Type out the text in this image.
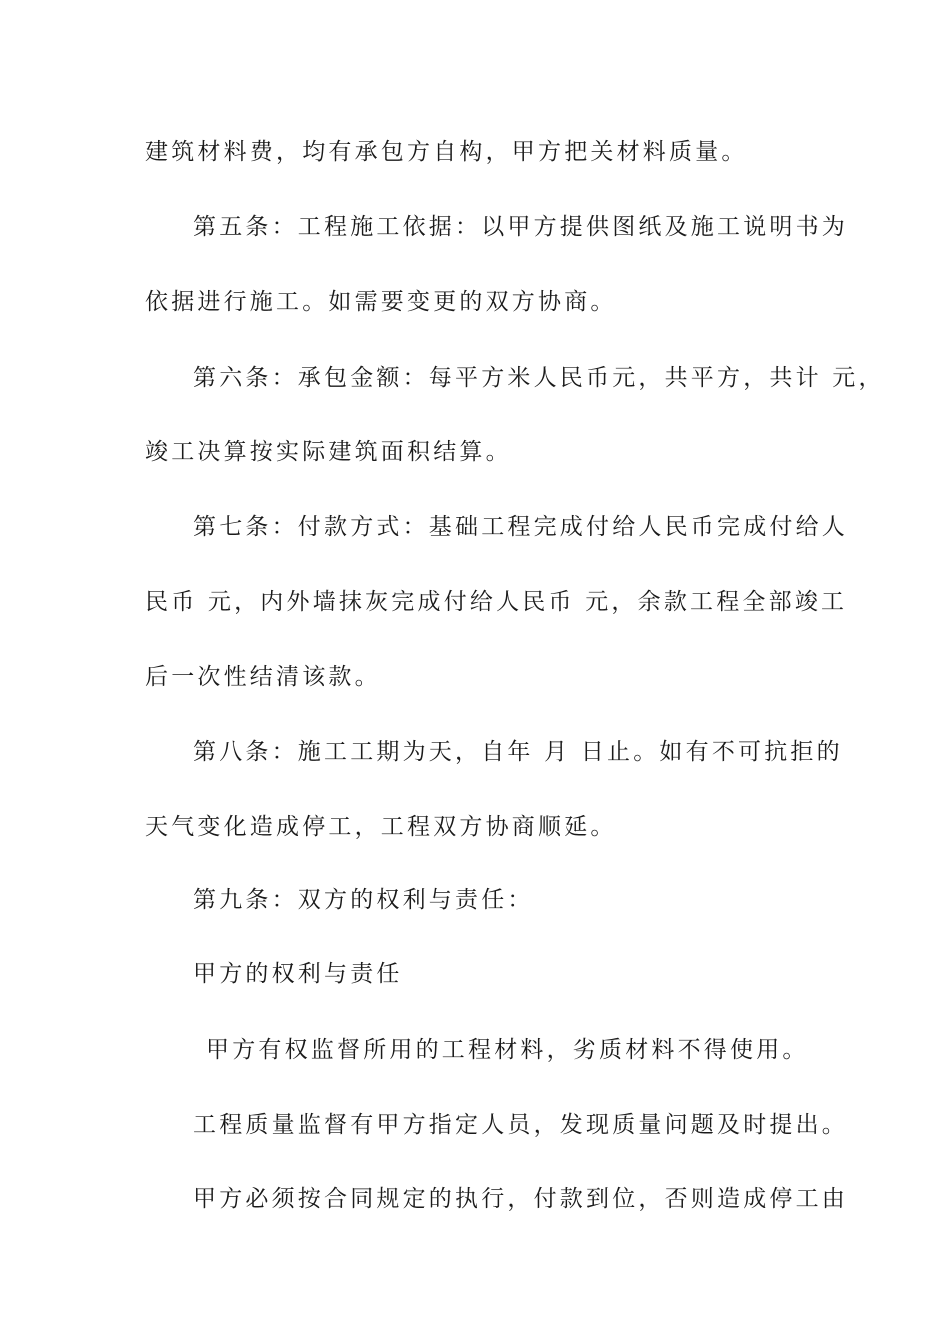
建筑材料费，均有承包方自构，甲方把关材料质量。
第五条：工程施工依据：以甲方提供图纸及施工说明书为
依据进行施工。如需要变更的双方协商。
第六条：承包金额：每平方米人民币元，共平方，共计 元，
竣工决算按实际建筑面积结算。
第七条：付款方式：基础工程完成付给人民币完成付给人
民币 元，内外墙抹灰完成付给人民币 元，余款工程全部竣工
后一次性结清该款。
第八条：施工工期为天，自年 月 日止。如有不可抗拒的
天气变化造成停工，工程双方协商顺延。
第九条：双方的权利与责任：
甲方的权利与责任
甲方有权监督所用的工程材料，劣质材料不得使用。
工程质量监督有甲方指定人员，发现质量问题及时提出。
甲方必须按合同规定的执行，付款到位，否则造成停工由
